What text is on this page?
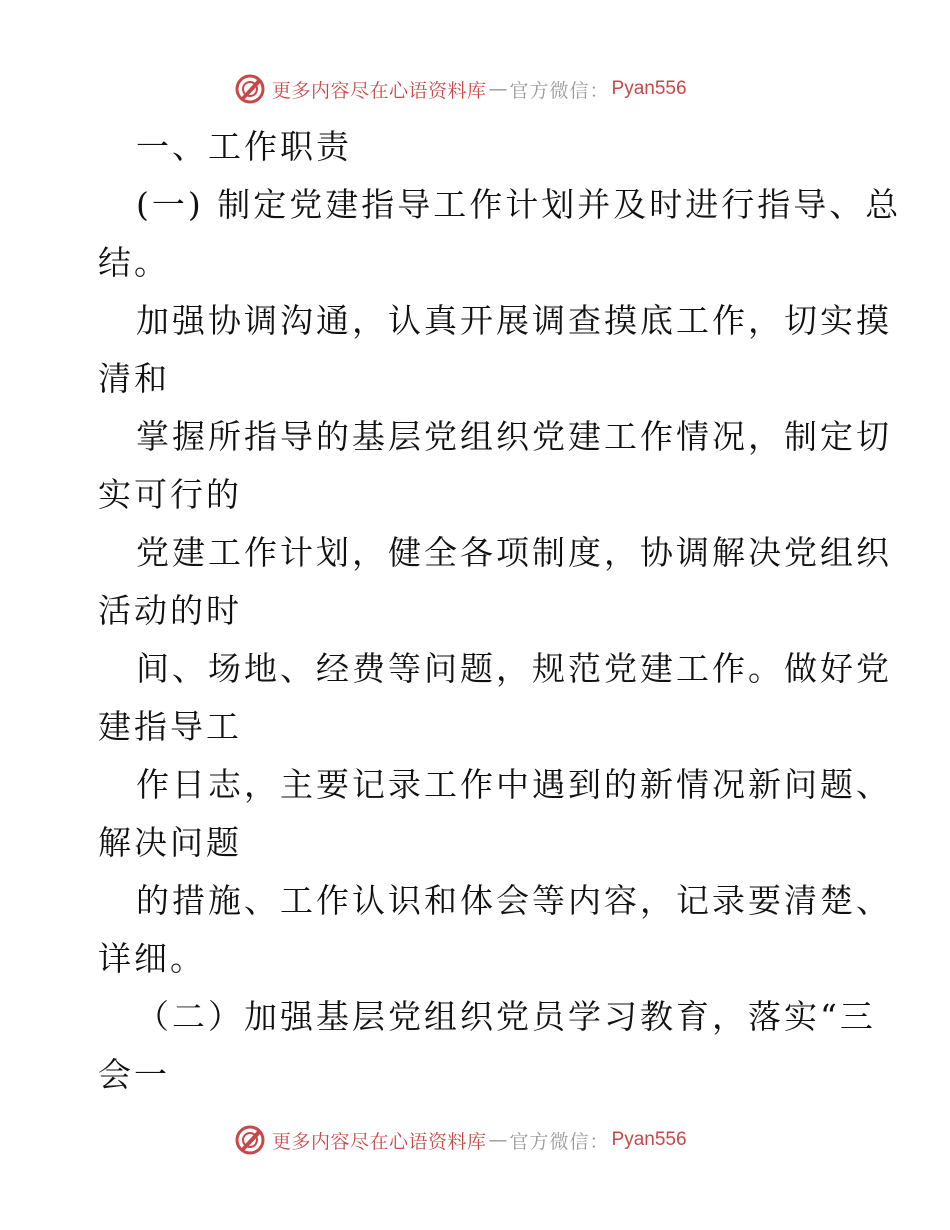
更多内容尽在心语资料库 — 官方微信： Pyan556
一、工作职责
(一) 制定党建指导工作计划并及时进行指导、总
结。
加强协调沟通，认真开展调查摸底工作，切实摸
清和
掌握所指导的基层党组织党建工作情况，制定切
实可行的
党建工作计划，健全各项制度，协调解决党组织
活动的时
间、场地、经费等问题，规范党建工作。做好党
建指导工
作日志，主要记录工作中遇到的新情况新问题、
解决问题
的措施、工作认识和体会等内容，记录要清楚、
详细。
（二）加强基层党组织党员学习教育，落实“三
会一
更多内容尽在心语资料库 — 官方微信： Pyan556
